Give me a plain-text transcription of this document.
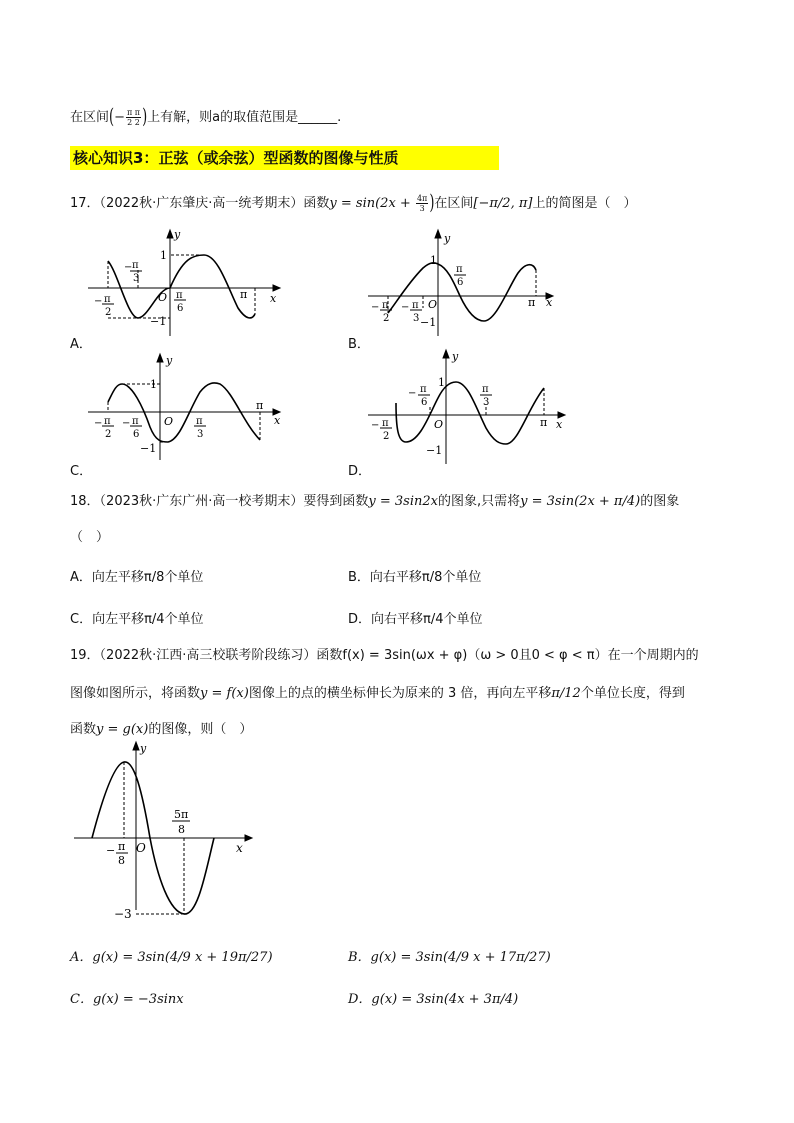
在区间(− $\frac{\text{π π}}{2 2}$ )上有解，则a的取值范围是______.
核心知识3：正弦（或余弦）型函数的图像与性质
17．（2022秋·广东肇庆·高一统考期末）函数$y = \sin(2x + \frac{4\pi}{3}$ )在区间[−π/2, π]上的简图是（　）
y
x
O
1
−1
π
π
3
−
π
2
−
π
6
A．
y
x
O
1
−1
π
π
6
π
2
−	π
3
−
B．
y
x
O
1
−1
π
π
2
−	π
6
−	π
3
C．
y
x
O
1
−1
π
π
6
−	π
3
π
2
−
D．
18．（2023秋·广东广州·高一校考期末）要得到函数y = 3sin2x的图象,只需将y = 3sin(2x + π/4)的图象
（　）
A．向左平移π/8个单位	B．向右平移π/8个单位
C．向左平移π/4个单位	D．向右平移π/4个单位
19．（2022秋·江西·高三校联考阶段练习）函数f(x) = 3sin(ωx + φ)（ω > 0且0 < φ < π）在一个周期内的
图像如图所示，将函数y = f(x)图像上的点的横坐标伸长为原来的 3 倍，再向左平移π/12个单位长度，得到
函数y = g(x)的图像，则（　）
y
x
O
−3
5π
8
π
8
−
A．g(x) = 3sin(4/9 x + 19π/27)	B．g(x) = 3sin(4/9 x + 17π/27)
C．g(x) = −3sinx	D．g(x) = 3sin(4x + 3π/4)
